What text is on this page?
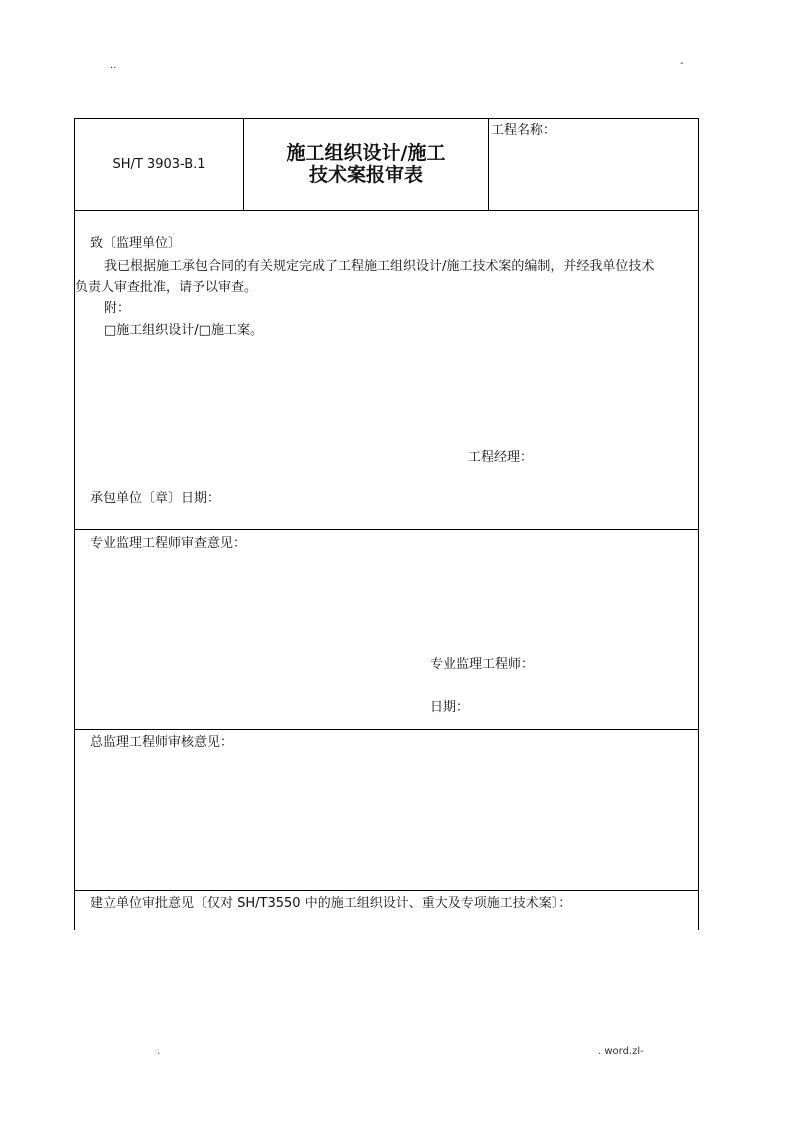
..	-
SH/T 3903-B.1	施工组织设计/施工
技术案报审表
工程名称：
致〔监理单位〕
我已根据施工承包合同的有关规定完成了工程施工组织设计/施工技术案的编制，并经我单位技术
负责人审查批准，请予以审查。
附：
□施工组织设计/□施工案。
工程经理：
承包单位〔章〕日期：
专业监理工程师审查意见：
专业监理工程师：
日期：
总监理工程师审核意见：
建立单位审批意见〔仅对 SH/T3550 中的施工组织设计、重大及专项施工技术案〕：
.	. word.zl-
